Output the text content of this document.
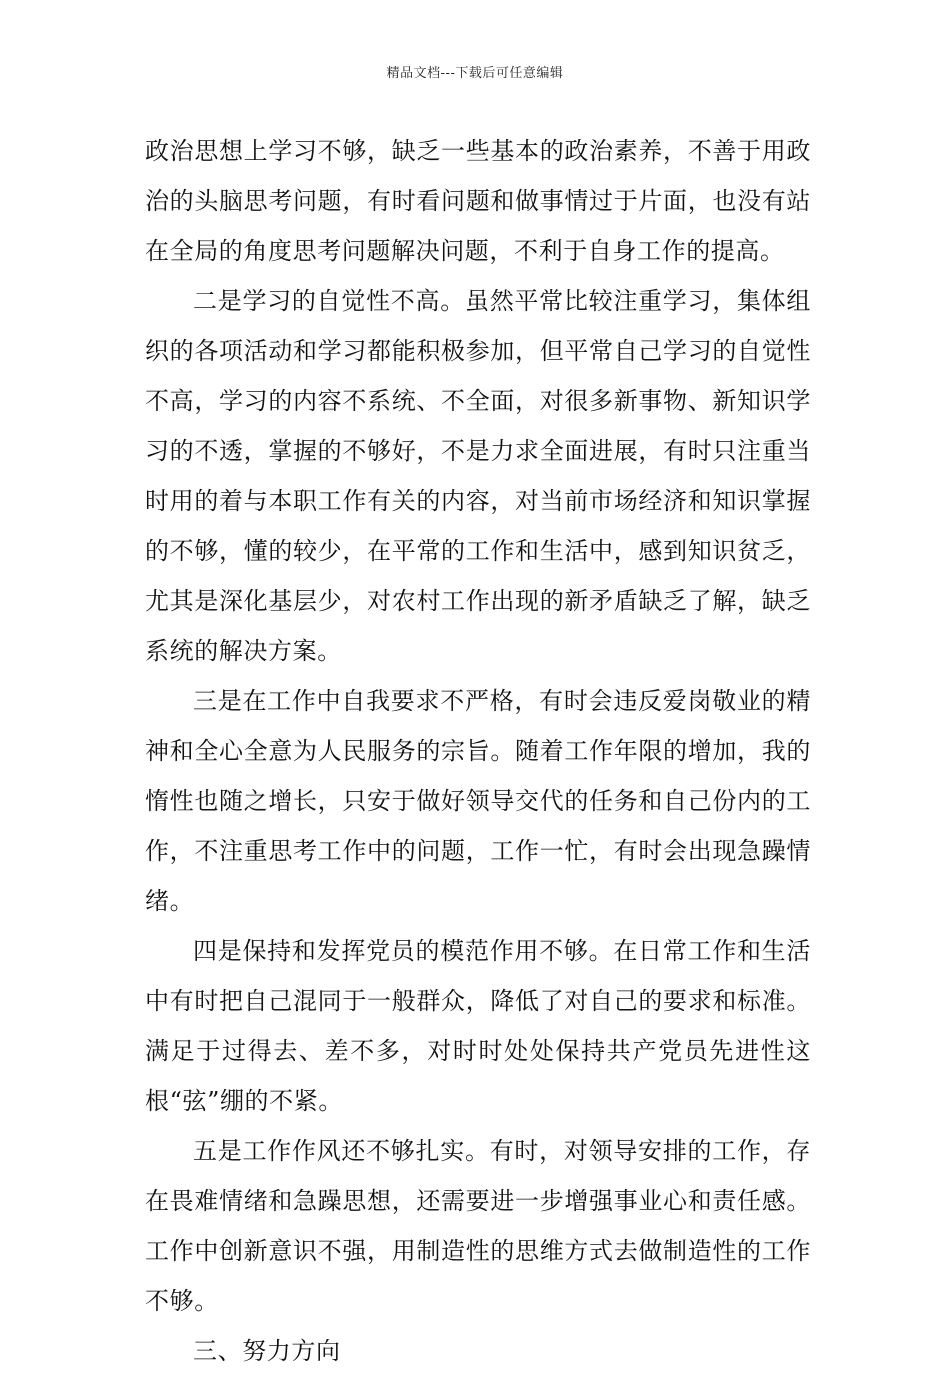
精品文档---下载后可任意编辑

政治思想上学习不够，缺乏一些基本的政治素养，不善于用政治的头脑思考问题，有时看问题和做事情过于片面，也没有站在全局的角度思考问题解决问题，不利于自身工作的提高。

二是学习的自觉性不高。虽然平常比较注重学习，集体组织的各项活动和学习都能积极参加，但平常自己学习的自觉性不高，学习的内容不系统、不全面，对很多新事物、新知识学习的不透，掌握的不够好，不是力求全面进展，有时只注重当时用的着与本职工作有关的内容，对当前市场经济和知识掌握的不够，懂的较少，在平常的工作和生活中，感到知识贫乏，尤其是深化基层少，对农村工作出现的新矛盾缺乏了解，缺乏系统的解决方案。

三是在工作中自我要求不严格，有时会违反爱岗敬业的精神和全心全意为人民服务的宗旨。随着工作年限的增加，我的惰性也随之增长，只安于做好领导交代的任务和自己份内的工作，不注重思考工作中的问题，工作一忙，有时会出现急躁情绪。

四是保持和发挥党员的模范作用不够。在日常工作和生活中有时把自己混同于一般群众，降低了对自己的要求和标准。满足于过得去、差不多，对时时处处保持共产党员先进性这根“弦”绷的不紧。

五是工作作风还不够扎实。有时，对领导安排的工作，存在畏难情绪和急躁思想，还需要进一步增强事业心和责任感。工作中创新意识不强，用制造性的思维方式去做制造性的工作不够。

三、努力方向
